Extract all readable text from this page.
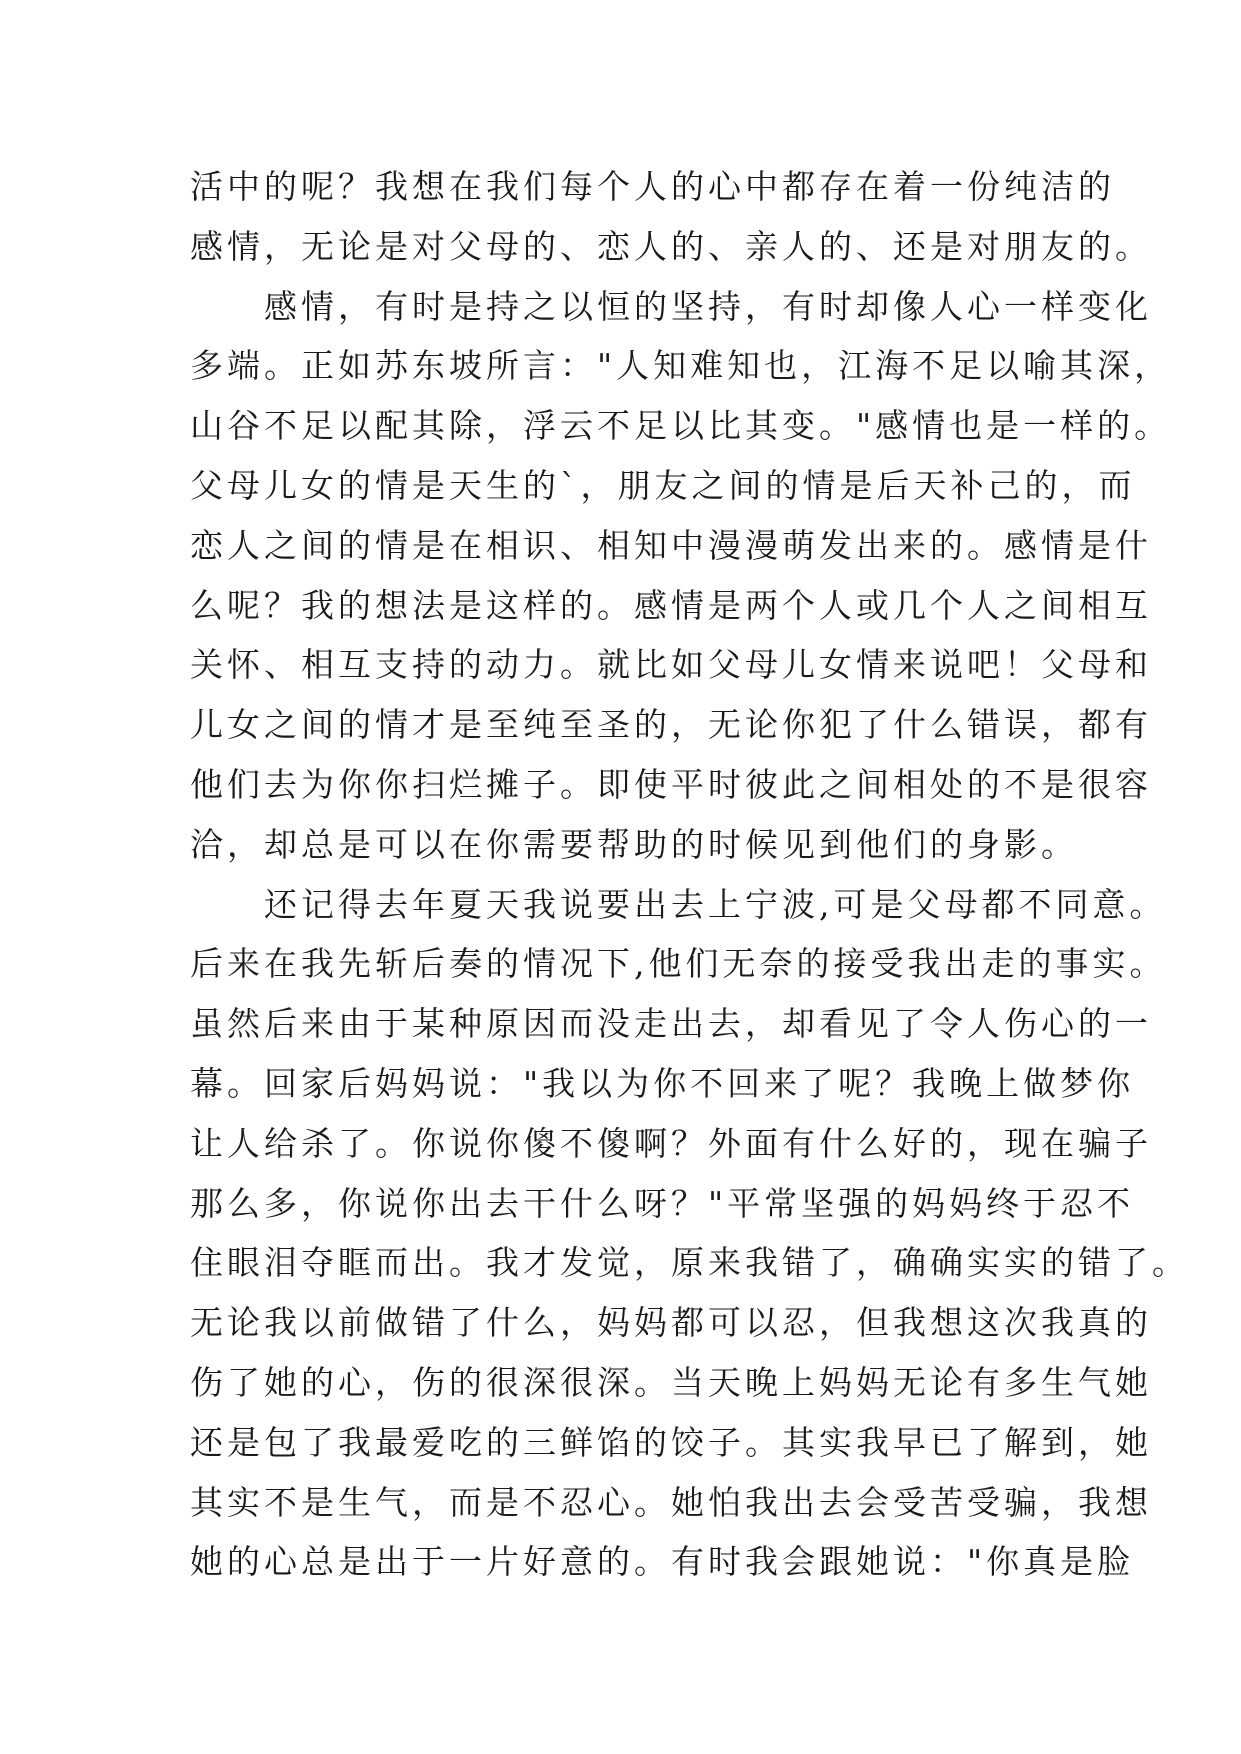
活中的呢？我想在我们每个人的心中都存在着一份纯洁的
感情，无论是对父母的、恋人的、亲人的、还是对朋友的。
　　感情，有时是持之以恒的坚持，有时却像人心一样变化
多端。正如苏东坡所言："人知难知也，江海不足以喻其深，
山谷不足以配其除，浮云不足以比其变。"感情也是一样的。
父母儿女的情是天生的`，朋友之间的情是后天补己的，而
恋人之间的情是在相识、相知中漫漫萌发出来的。感情是什
么呢？我的想法是这样的。感情是两个人或几个人之间相互
关怀、相互支持的动力。就比如父母儿女情来说吧！父母和
儿女之间的情才是至纯至圣的，无论你犯了什么错误，都有
他们去为你你扫烂摊子。即使平时彼此之间相处的不是很容
洽，却总是可以在你需要帮助的时候见到他们的身影。
　　还记得去年夏天我说要出去上宁波,可是父母都不同意。
后来在我先斩后奏的情况下,他们无奈的接受我出走的事实。
虽然后来由于某种原因而没走出去，却看见了令人伤心的一
幕。回家后妈妈说："我以为你不回来了呢？我晚上做梦你
让人给杀了。你说你傻不傻啊？外面有什么好的，现在骗子
那么多，你说你出去干什么呀？"平常坚强的妈妈终于忍不
住眼泪夺眶而出。我才发觉，原来我错了，确确实实的错了。
无论我以前做错了什么，妈妈都可以忍，但我想这次我真的
伤了她的心，伤的很深很深。当天晚上妈妈无论有多生气她
还是包了我最爱吃的三鲜馅的饺子。其实我早已了解到，她
其实不是生气，而是不忍心。她怕我出去会受苦受骗，我想
她的心总是出于一片好意的。有时我会跟她说："你真是脸
